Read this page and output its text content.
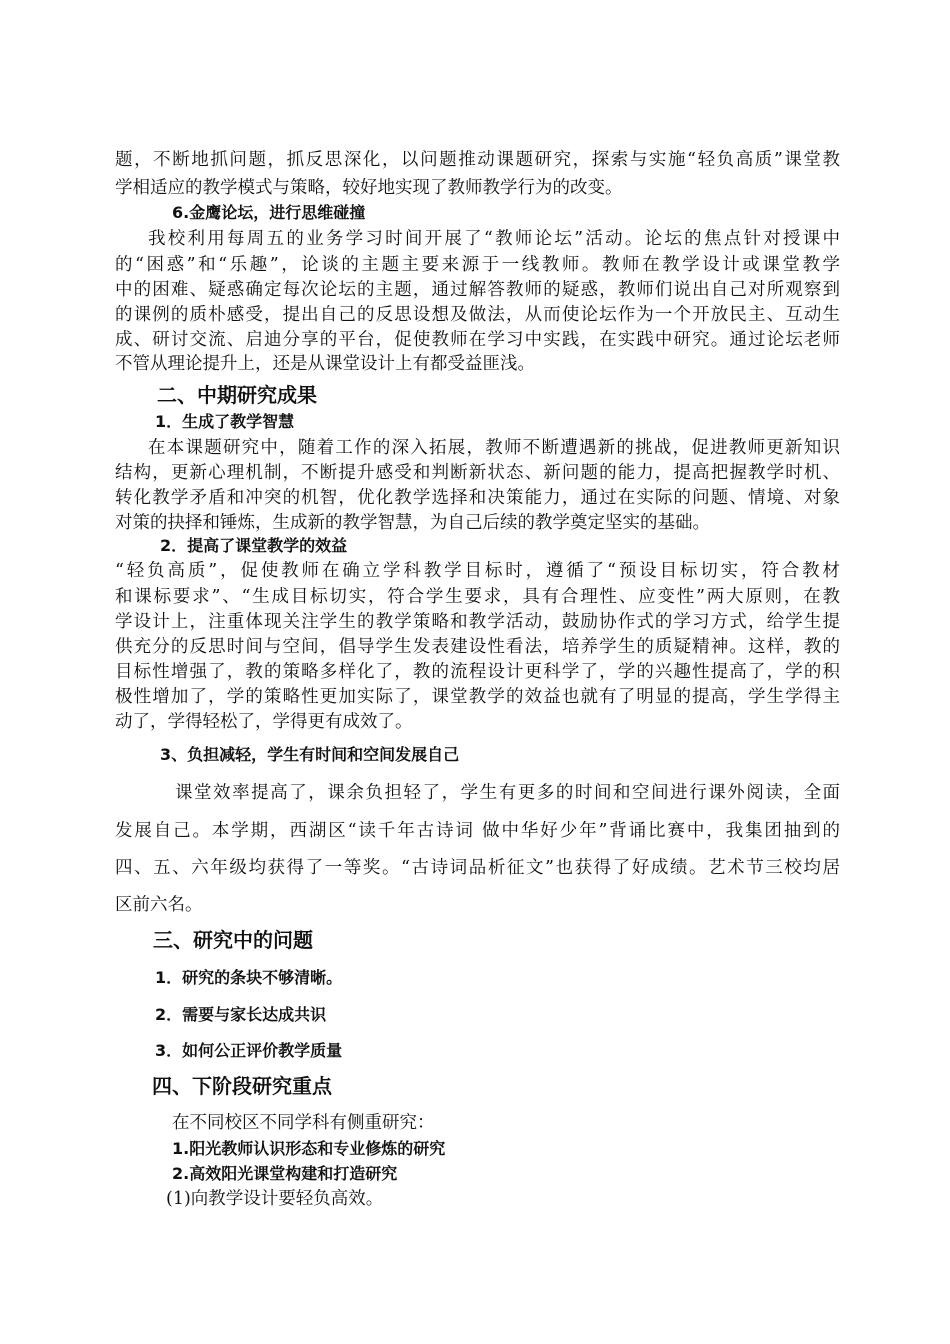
题，不断地抓问题，抓反思深化，以问题推动课题研究，探索与实施“轻负高质”课堂教
学相适应的教学模式与策略，较好地实现了教师教学行为的改变。
6.金鹰论坛，进行思维碰撞
我校利用每周五的业务学习时间开展了“教师论坛”活动。论坛的焦点针对授课中
的“困惑”和“乐趣”，论谈的主题主要来源于一线教师。教师在教学设计或课堂教学
中的困难、疑惑确定每次论坛的主题，通过解答教师的疑惑，教师们说出自己对所观察到
的课例的质朴感受，提出自己的反思设想及做法，从而使论坛作为一个开放民主、互动生
成、研讨交流、启迪分享的平台，促使教师在学习中实践，在实践中研究。通过论坛老师
不管从理论提升上，还是从课堂设计上有都受益匪浅。
二、中期研究成果
1．生成了教学智慧
在本课题研究中，随着工作的深入拓展，教师不断遭遇新的挑战，促进教师更新知识
结构，更新心理机制，不断提升感受和判断新状态、新问题的能力，提高把握教学时机、
转化教学矛盾和冲突的机智，优化教学选择和决策能力，通过在实际的问题、情境、对象
对策的抉择和锤炼，生成新的教学智慧，为自己后续的教学奠定坚实的基础。
2．提高了课堂教学的效益
“轻负高质”，促使教师在确立学科教学目标时，遵循了“预设目标切实，符合教材
和课标要求”、“生成目标切实，符合学生要求，具有合理性、应变性”两大原则，在教
学设计上，注重体现关注学生的教学策略和教学活动，鼓励协作式的学习方式，给学生提
供充分的反思时间与空间，倡导学生发表建设性看法，培养学生的质疑精神。这样，教的
目标性增强了，教的策略多样化了，教的流程设计更科学了，学的兴趣性提高了，学的积
极性增加了，学的策略性更加实际了，课堂教学的效益也就有了明显的提高，学生学得主
动了，学得轻松了，学得更有成效了。
3、负担减轻，学生有时间和空间发展自己
课堂效率提高了，课余负担轻了，学生有更多的时间和空间进行课外阅读，全面
发展自己。本学期，西湖区“读千年古诗词 做中华好少年”背诵比赛中，我集团抽到的
四、五、六年级均获得了一等奖。“古诗词品析征文”也获得了好成绩。艺术节三校均居
区前六名。
三、研究中的问题
1．研究的条块不够清晰。
2．需要与家长达成共识
3．如何公正评价教学质量
四、下阶段研究重点
在不同校区不同学科有侧重研究：
1.阳光教师认识形态和专业修炼的研究
2.高效阳光课堂构建和打造研究
(1)向教学设计要轻负高效。
